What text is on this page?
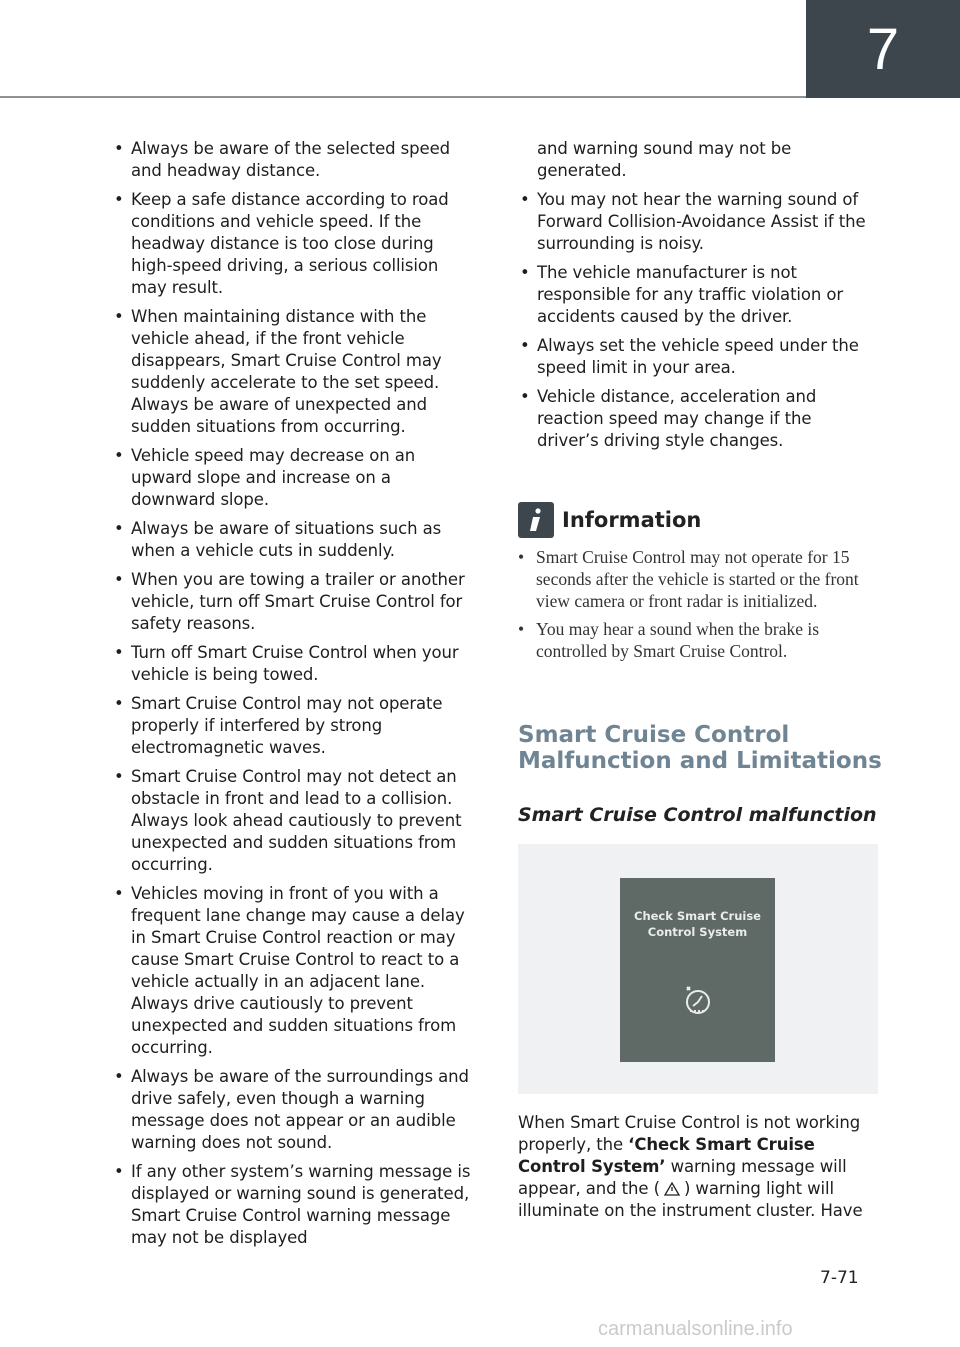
7
• Always be aware of the selected speed and headway distance.
• Keep a safe distance according to road conditions and vehicle speed. If the headway distance is too close during high-speed driving, a serious collision may result.
• When maintaining distance with the vehicle ahead, if the front vehicle disappears, Smart Cruise Control may suddenly accelerate to the set speed. Always be aware of unexpected and sudden situations from occurring.
• Vehicle speed may decrease on an upward slope and increase on a downward slope.
• Always be aware of situations such as when a vehicle cuts in suddenly.
• When you are towing a trailer or another vehicle, turn off Smart Cruise Control for safety reasons.
• Turn off Smart Cruise Control when your vehicle is being towed.
• Smart Cruise Control may not operate properly if interfered by strong electromagnetic waves.
• Smart Cruise Control may not detect an obstacle in front and lead to a collision. Always look ahead cautiously to prevent unexpected and sudden situations from occurring.
• Vehicles moving in front of you with a frequent lane change may cause a delay in Smart Cruise Control reaction or may cause Smart Cruise Control to react to a vehicle actually in an adjacent lane. Always drive cautiously to prevent unexpected and sudden situations from occurring.
• Always be aware of the surroundings and drive safely, even though a warning message does not appear or an audible warning does not sound.
• If any other system’s warning message is displayed or warning sound is generated, Smart Cruise Control warning message may not be displayed
and warning sound may not be generated.
• You may not hear the warning sound of Forward Collision-Avoidance Assist if the surrounding is noisy.
• The vehicle manufacturer is not responsible for any traffic violation or accidents caused by the driver.
• Always set the vehicle speed under the speed limit in your area.
• Vehicle distance, acceleration and reaction speed may change if the driver’s driving style changes.
Information
• Smart Cruise Control may not operate for 15 seconds after the vehicle is started or the front view camera or front radar is initialized.
• You may hear a sound when the brake is controlled by Smart Cruise Control.
Smart Cruise Control
Malfunction and Limitations
Smart Cruise Control malfunction
Check Smart Cruise
Control System

When Smart Cruise Control is not working properly, the ‘Check Smart Cruise Control System’ warning message will appear, and the ( ) warning light will illuminate on the instrument cluster. Have

7-71
carmanualsonline.info
